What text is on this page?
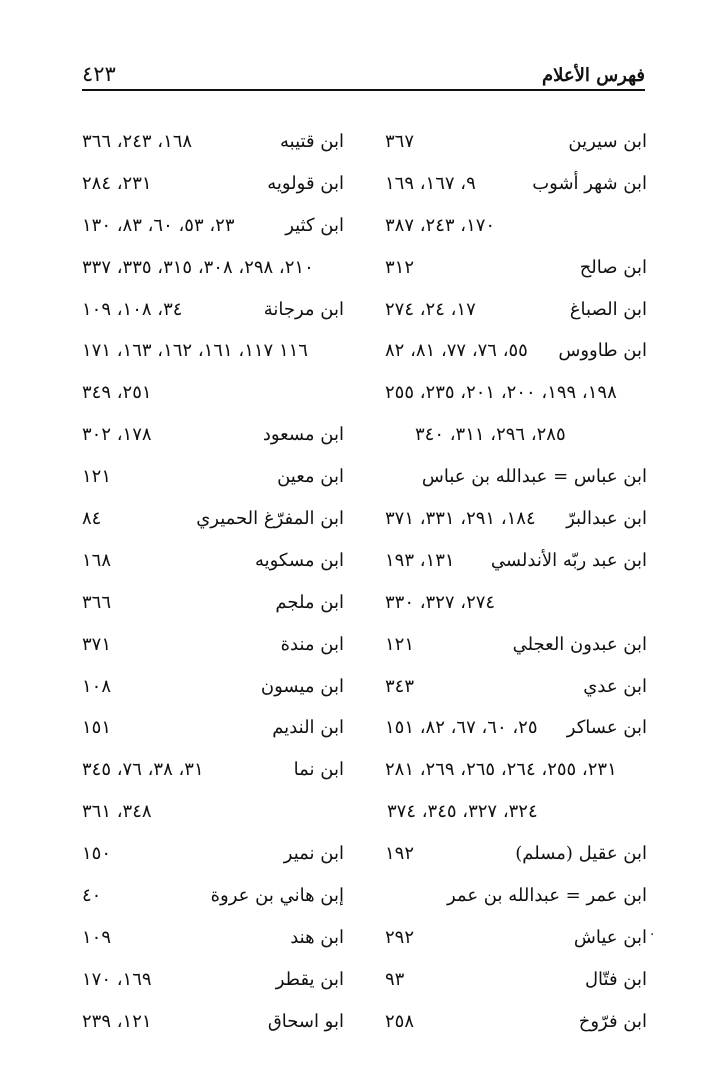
٤٢٣	فهرس الأعلام
ابن سيرين
٣٦٧
ابن شهر أشوب
٩، ١٦٧، ١٦٩
١٧٠، ٢٤٣، ٣٨٧
ابن صالح
٣١٢
ابن الصباغ
١٧، ٢٤، ٢٧٤
ابن طاووس
٥٥، ٧٦، ٧٧، ٨١، ٨٢
١٩٨، ١٩٩، ٢٠٠، ٢٠١، ٢٣٥، ٢٥٥
٢٨٥، ٢٩٦، ٣١١، ٣٤٠
ابن عباس = عبدالله بن عباس
ابن عبدالبرّ
١٨٤، ٢٩١، ٣٣١، ٣٧١
ابن عبد ربّه الأندلسي
١٣١، ١٩٣
٢٧٤، ٣٢٧، ٣٣٠
ابن عبدون العجلي
١٢١
ابن عدي
٣٤٣
ابن عساكر
٢٥، ٦٠، ٦٧، ٨٢، ١٥١
٢٣١، ٢٥٥، ٢٦٤، ٢٦٥، ٢٦٩، ٢٨١
٣٢٤، ٣٢٧، ٣٤٥، ٣٧٤
ابن عقيل (مسلم)
١٩٢
ابن عمر = عبدالله بن عمر
ابن عياش
٢٩٢
ابن فتّال
٩٣
ابن فرّوخ
٢٥٨
ابن قتيبه
١٦٨، ٢٤٣، ٣٦٦
ابن قولويه
٢٣١، ٢٨٤
ابن كثير
٢٣، ٥٣، ٦٠، ٨٣، ١٣٠
٢١٠، ٢٩٨، ٣٠٨، ٣١٥، ٣٣٥، ٣٣٧
ابن مرجانة
٣٤، ١٠٨، ١٠٩
١١٦ ١١٧، ١٦١، ١٦٢، ١٦٣، ١٧١
٢٥١، ٣٤٩
ابن مسعود
١٧٨، ٣٠٢
ابن معين
١٢١
ابن المفرّغ الحميري
٨٤
ابن مسكويه
١٦٨
ابن ملجم
٣٦٦
ابن مندة
٣٧١
ابن ميسون
١٠٨
ابن النديم
١٥١
ابن نما
٣١، ٣٨، ٧٦، ٣٤٥
٣٤٨، ٣٦١
ابن نمير
١٥٠
إبن هاني بن عروة
٤٠
ابن هند
١٠٩
ابن يقطر
١٦٩، ١٧٠
ابو اسحاق
١٢١، ٢٣٩
·
